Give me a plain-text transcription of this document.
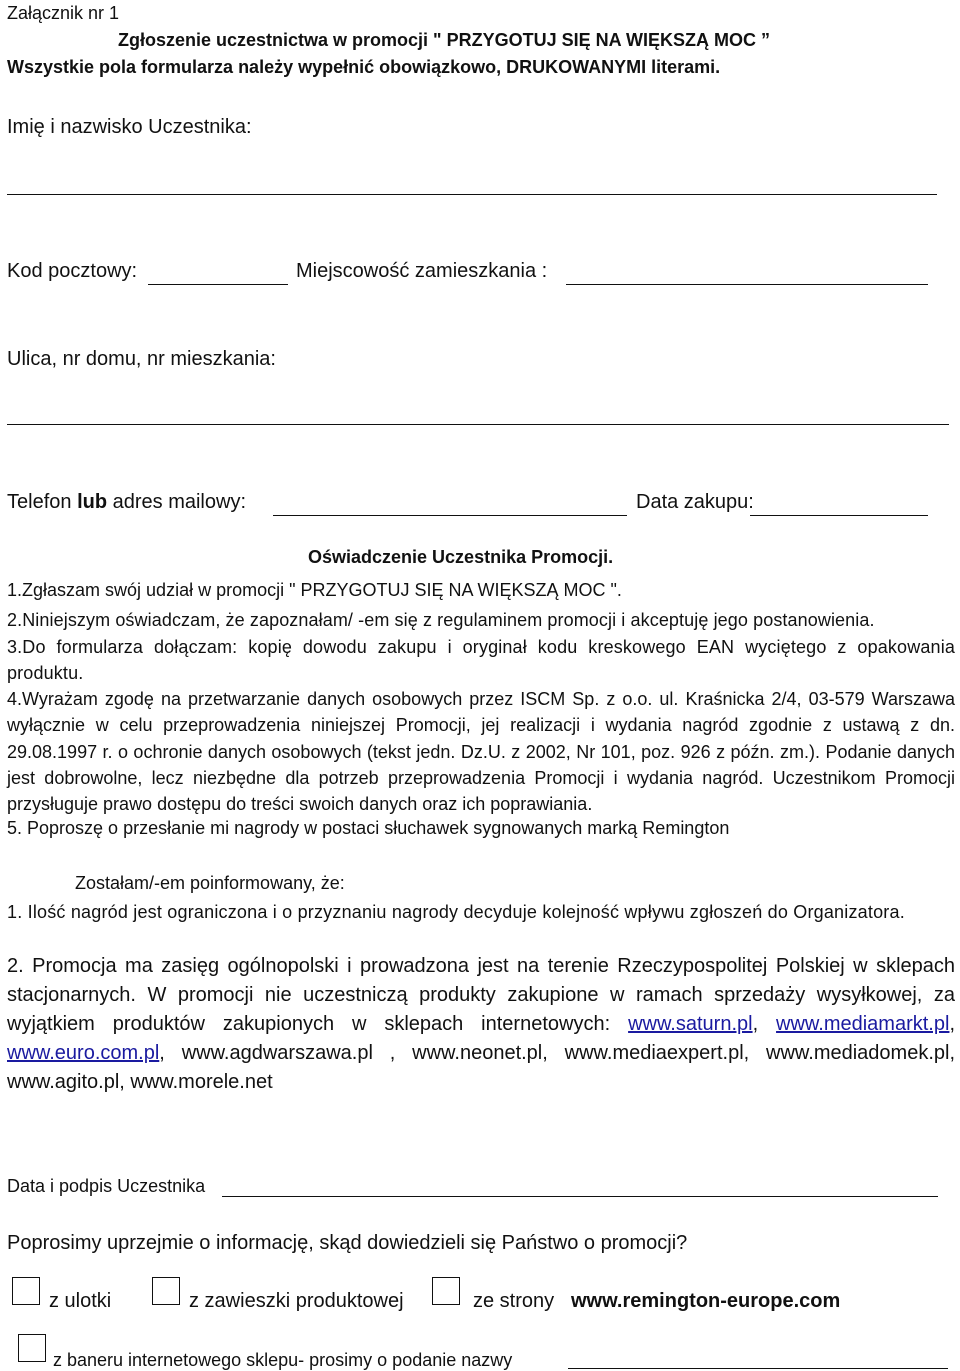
Załącznik nr 1
Zgłoszenie uczestnictwa w promocji " PRZYGOTUJ SIĘ NA WIĘKSZĄ MOC ”
Wszystkie pola formularza należy wypełnić obowiązkowo, DRUKOWANYMI literami.
Imię i nazwisko Uczestnika:
Kod pocztowy:	Miejscowość zamieszkania :
Ulica, nr domu, nr mieszkania:
Telefon lub adres mailowy:	Data zakupu:
Oświadczenie Uczestnika Promocji.
1.Zgłaszam swój udział w promocji " PRZYGOTUJ SIĘ NA WIĘKSZĄ MOC ".
2.Niniejszym oświadczam, że zapoznałam/ -em się z regulaminem promocji i akceptuję jego postanowienia.
3.Do formularza dołączam: kopię dowodu zakupu i oryginał kodu kreskowego EAN wyciętego z opakowania produktu.
4.Wyrażam zgodę na przetwarzanie danych osobowych przez ISCM Sp. z o.o. ul. Kraśnicka 2/4, 03-579 Warszawa wyłącznie w celu przeprowadzenia niniejszej Promocji, jej realizacji i wydania nagród zgodnie z ustawą z dn. 29.08.1997 r. o ochronie danych osobowych (tekst jedn. Dz.U. z 2002, Nr 101, poz. 926 z późn. zm.). Podanie danych jest dobrowolne, lecz niezbędne dla potrzeb przeprowadzenia Promocji i wydania nagród. Uczestnikom Promocji przysługuje prawo dostępu do treści swoich danych oraz ich poprawiania.
5. Poproszę o przesłanie mi nagrody w postaci słuchawek sygnowanych marką Remington
Zostałam/-em poinformowany, że:
1. Ilość nagród jest ograniczona i o przyznaniu nagrody decyduje kolejność wpływu zgłoszeń do Organizatora.
2. Promocja ma zasięg ogólnopolski i prowadzona jest na terenie Rzeczypospolitej Polskiej w sklepach stacjonarnych. W promocji nie uczestniczą produkty zakupione w ramach sprzedaży wysyłkowej, za wyjątkiem produktów zakupionych w sklepach internetowych: www.saturn.pl, www.mediamarkt.pl, www.euro.com.pl, www.agdwarszawa.pl , www.neonet.pl, www.mediaexpert.pl, www.mediadomek.pl, www.agito.pl, www.morele.net
Data i podpis Uczestnika
Poprosimy uprzejmie o informację, skąd dowiedzieli się Państwo o promocji?
z ulotki	z zawieszki produktowej	ze strony www.remington-europe.com
z baneru internetowego sklepu- prosimy o podanie nazwy
